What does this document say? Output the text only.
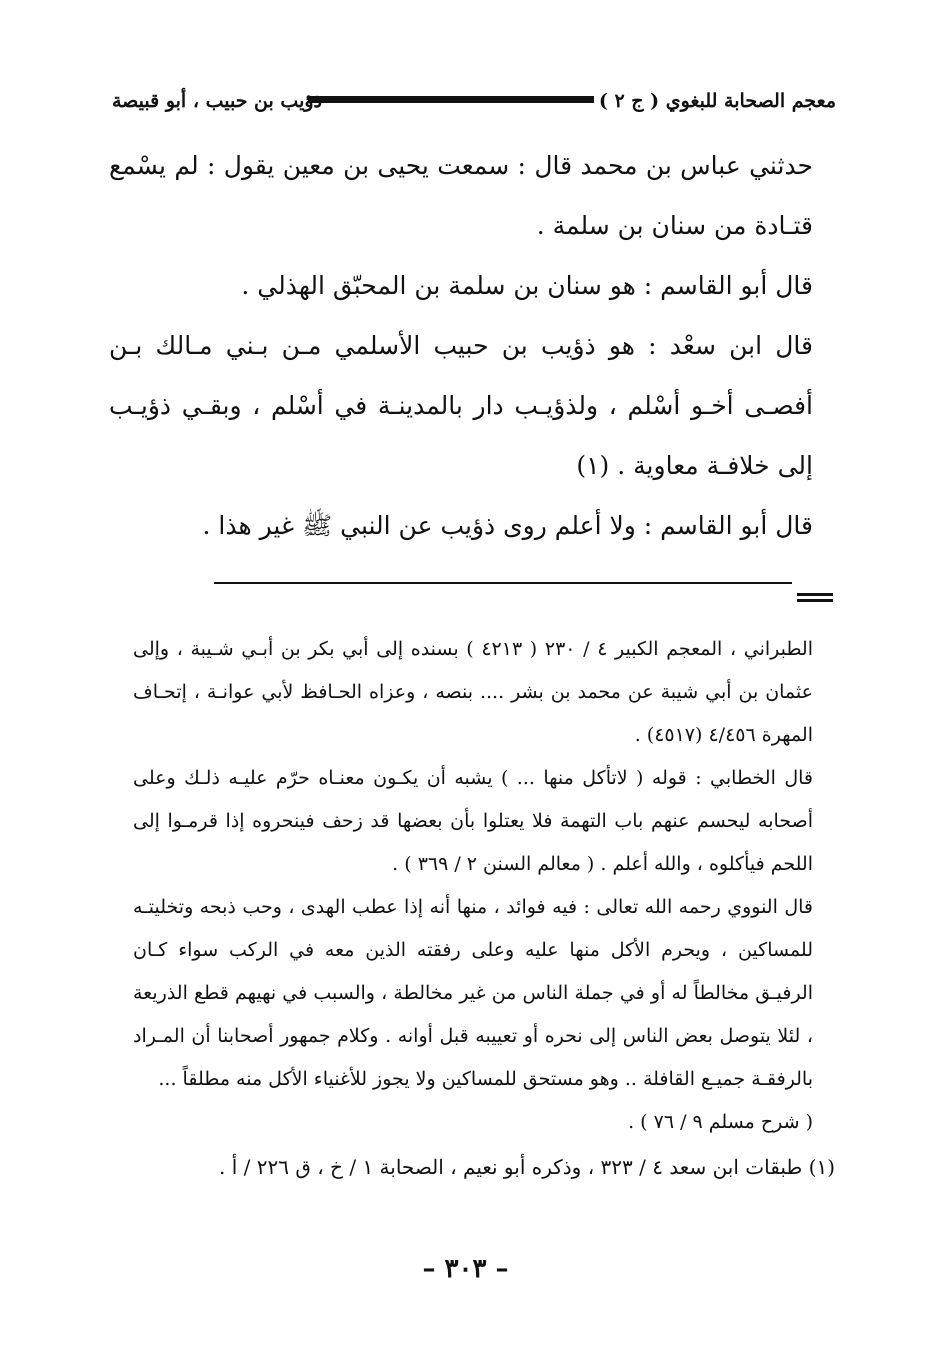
معجم الصحابة للبغوي ( ج ٢ )
ذؤيب بن حبيب ، أبو قبيصة

حدثني عباس بن محمد قال : سمعت يحيى بن معين يقول : لم يسْمع قتـادة من سنان بن سلمة .

قال أبو القاسم : هو سنان بن سلمة بن المحبّق الهذلي .

قال ابن سعْد : هو ذؤيب بن حبيب الأسلمي مـن بـني مـالك بـن أفصـى أخـو أسْلم ، ولذؤيـب دار بالمدينـة في أسْلم ، وبقـي ذؤيـب إلى خلافـة معاوية . (١)

قال أبو القاسم : ولا أعلم روى ذؤيب عن النبي ﷺ غير هذا .

الطبراني ، المعجم الكبير ٤ / ٢٣٠ ( ٤٢١٣ ) بسنده إلى أبي بكر بن أبـي شـيبة ، وإلى عثمان بن أبي شيبة عن محمد بن بشر .... بنصه ، وعزاه الحـافظ لأبي عوانـة ، إتحـاف المهرة ٤/٤٥٦ (٤٥١٧) .

قال الخطابي : قوله ( لاتأكل منها ... ) يشبه أن يكـون معنـاه حرّم عليـه ذلـك وعلى أصحابه ليحسم عنهم باب التهمة فلا يعتلوا بأن بعضها قد زحف فينحروه إذا قرمـوا إلى اللحم فيأكلوه ، والله أعلم . ( معالم السنن ٢ / ٣٦٩ ) .

قال النووي رحمه الله تعالى : فيه فوائد ، منها أنه إذا عطب الهدى ، وحب ذبحه وتخليتـه للمساكين ، ويحرم الأكل منها عليه وعلى رفقته الذين معه في الركب سواء كـان الرفيـق مخالطاً له أو في جملة الناس من غير مخالطة ، والسبب في نهيهم قطع الذريعة ، لئلا يتوصل بعض الناس إلى نحره أو تعييبه قبل أوانه . وكلام جمهور أصحابنا أن المـراد بالرفقـة جميـع القافلة .. وهو مستحق للمساكين ولا يجوز للأغنياء الأكل منه مطلقاً ...

( شرح مسلم ٩ / ٧٦ ) .

(١) طبقات ابن سعد ٤ / ٣٢٣ ، وذكره أبو نعيم ، الصحابة ١ / خ ، ق ٢٢٦ / أ .

– ٣٠٣ –
